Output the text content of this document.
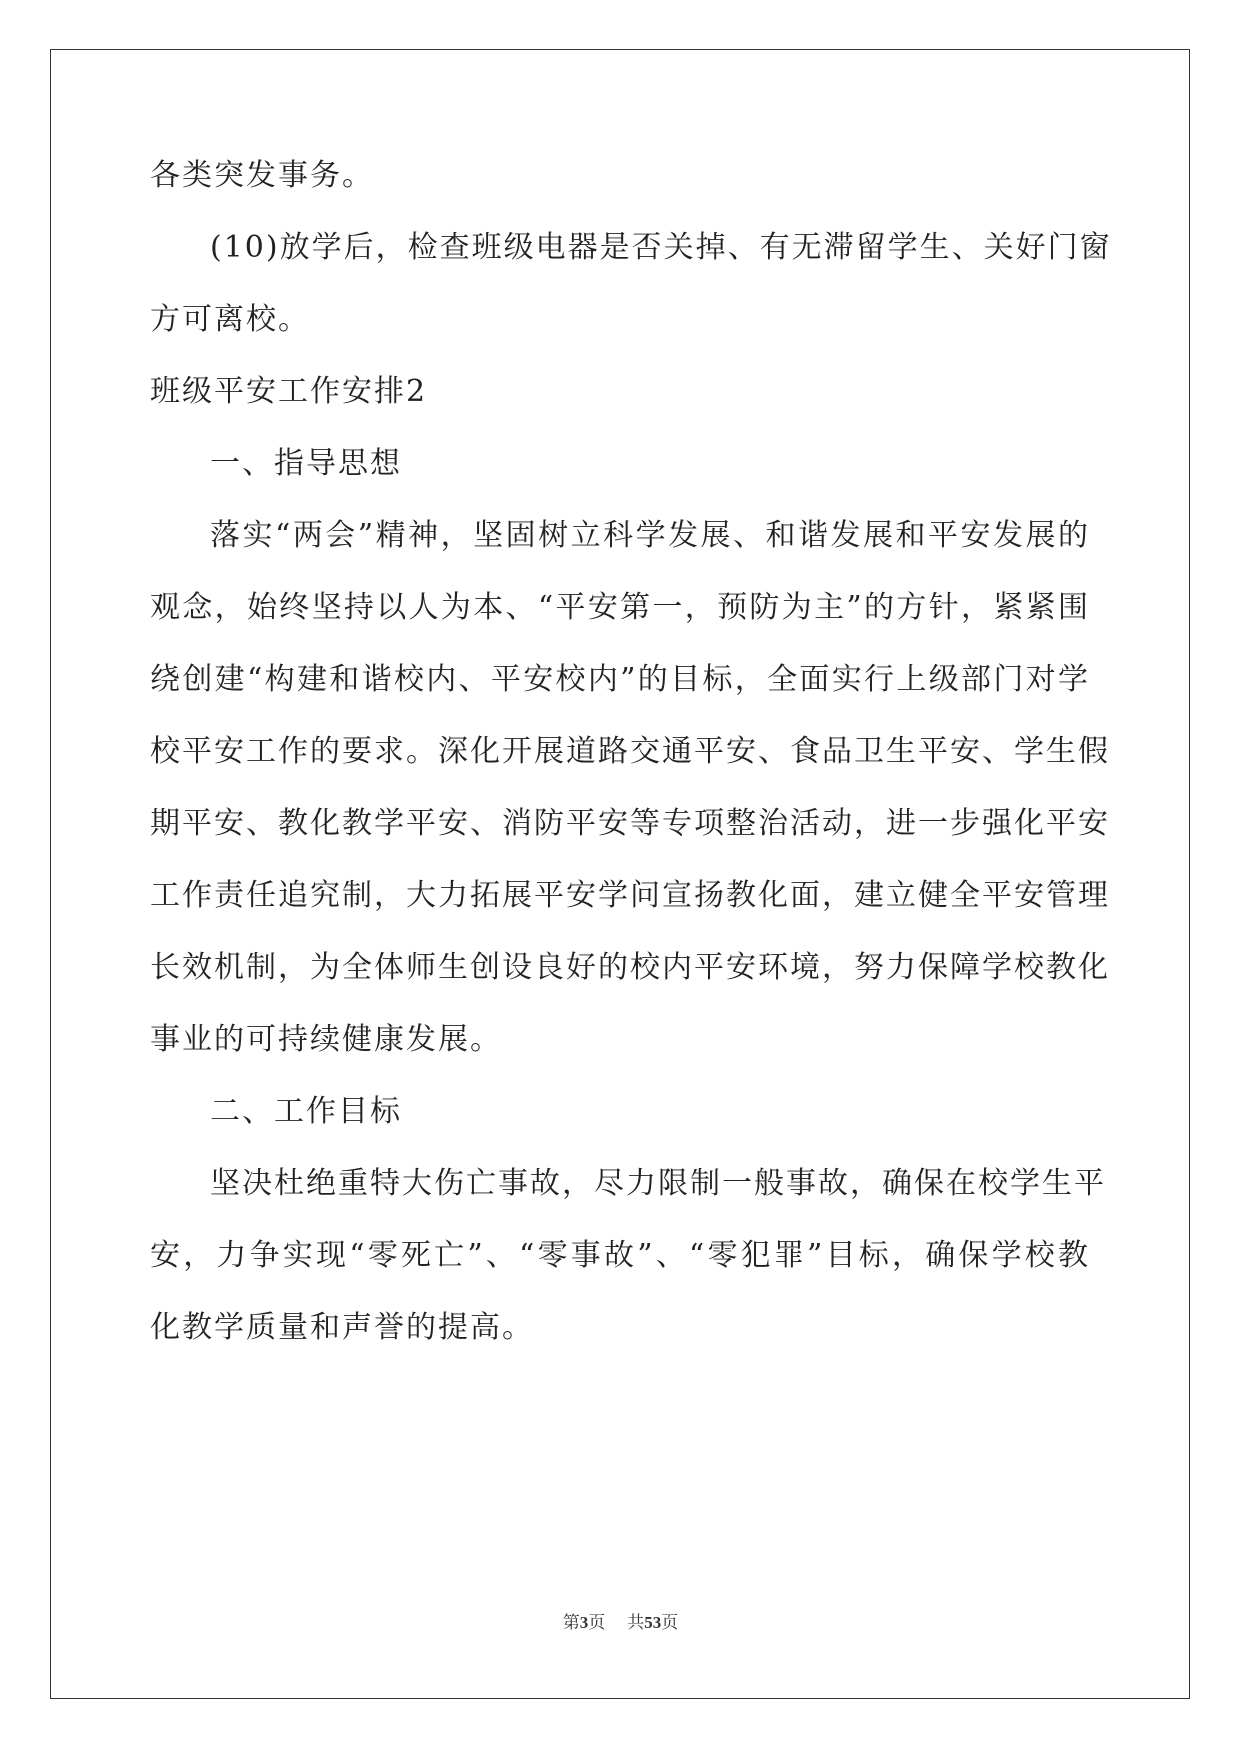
各类突发事务。
(10)放学后，检查班级电器是否关掉、有无滞留学生、关好门窗
方可离校。
班级平安工作安排2
一、指导思想
落实“两会”精神，坚固树立科学发展、和谐发展和平安发展的
观念，始终坚持以人为本、“平安第一，预防为主”的方针，紧紧围
绕创建“构建和谐校内、平安校内”的目标，全面实行上级部门对学
校平安工作的要求。深化开展道路交通平安、食品卫生平安、学生假
期平安、教化教学平安、消防平安等专项整治活动，进一步强化平安
工作责任追究制，大力拓展平安学问宣扬教化面，建立健全平安管理
长效机制，为全体师生创设良好的校内平安环境，努力保障学校教化
事业的可持续健康发展。
二、工作目标
坚决杜绝重特大伤亡事故，尽力限制一般事故，确保在校学生平
安，力争实现“零死亡”、“零事故”、“零犯罪”目标，确保学校教
化教学质量和声誉的提高。
第3页 共53页
